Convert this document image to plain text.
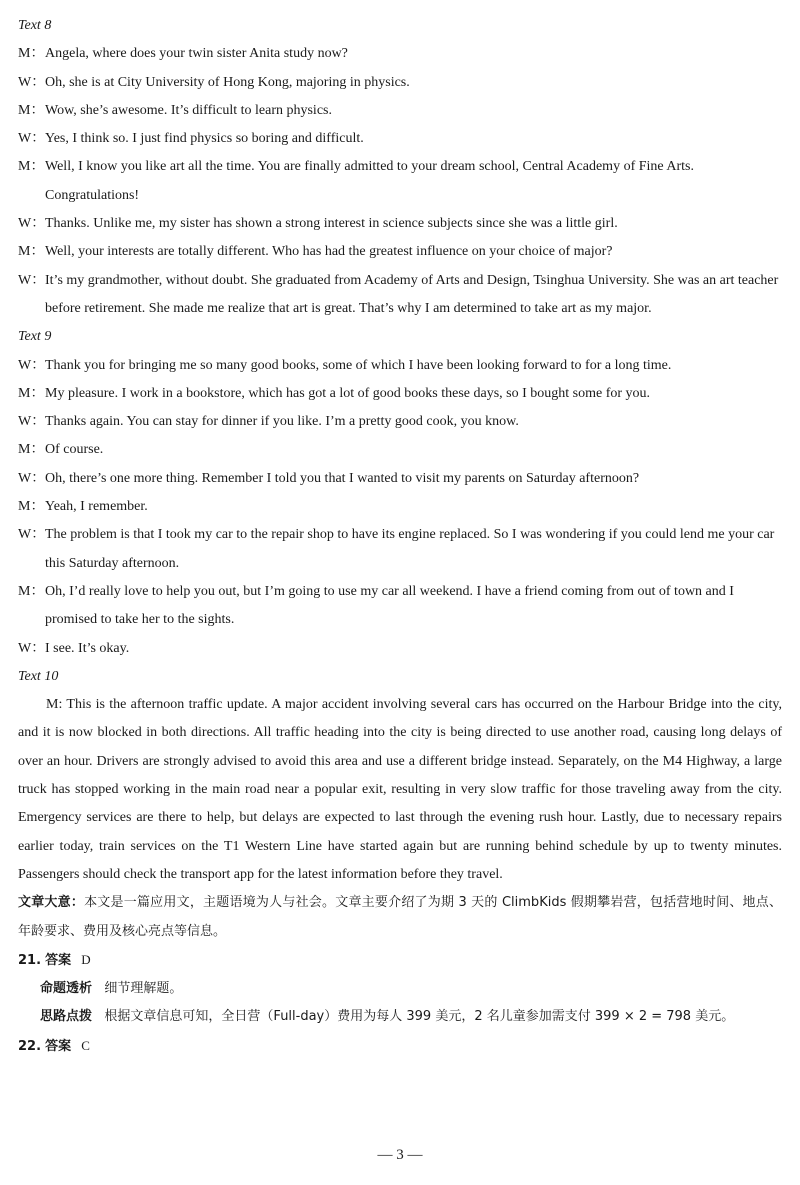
Text 8
M： Angela, where does your twin sister Anita study now?
W： Oh, she is at City University of Hong Kong, majoring in physics.
M： Wow, she’s awesome. It’s difficult to learn physics.
W： Yes, I think so. I just find physics so boring and difficult.
M： Well, I know you like art all the time. You are finally admitted to your dream school, Central Academy of Fine Arts. Congratulations!
W： Thanks. Unlike me, my sister has shown a strong interest in science subjects since she was a little girl.
M： Well, your interests are totally different. Who has had the greatest influence on your choice of major?
W： It’s my grandmother, without doubt. She graduated from Academy of Arts and Design, Tsinghua University. She was an art teacher before retirement. She made me realize that art is great. That’s why I am determined to take art as my major.
Text 9
W： Thank you for bringing me so many good books, some of which I have been looking forward to for a long time.
M： My pleasure. I work in a bookstore, which has got a lot of good books these days, so I bought some for you.
W： Thanks again. You can stay for dinner if you like. I’m a pretty good cook, you know.
M： Of course.
W： Oh, there’s one more thing. Remember I told you that I wanted to visit my parents on Saturday afternoon?
M： Yeah, I remember.
W： The problem is that I took my car to the repair shop to have its engine replaced. So I was wondering if you could lend me your car this Saturday afternoon.
M： Oh, I’d really love to help you out, but I’m going to use my car all weekend. I have a friend coming from out of town and I promised to take her to the sights.
W： I see. It’s okay.
Text 10
M: This is the afternoon traffic update. A major accident involving several cars has occurred on the Harbour Bridge into the city, and it is now blocked in both directions. All traffic heading into the city is being directed to use another road, causing long delays of over an hour. Drivers are strongly advised to avoid this area and use a different bridge instead. Separately, on the M4 Highway, a large truck has stopped working in the main road near a popular exit, resulting in very slow traffic for those traveling away from the city. Emergency services are there to help, but delays are expected to last through the evening rush hour. Lastly, due to necessary repairs earlier today, train services on the T1 Western Line have started again but are running behind schedule by up to twenty minutes. Passengers should check the transport app for the latest information before they travel.
文章大意：本文是一篇应用文，主题语境为人与社会。文章主要介绍了为期 3 天的 ClimbKids 假期攀岩营，包括营地时间、地点、年龄要求、费用及核心亮点等信息。
21. 答案 D
命题透析 细节理解题。
思路点拨 根据文章信息可知，全日营（Full-day）费用为每人 399 美元，2 名儿童参加需支付 399 × 2 = 798 美元。
22. 答案 C
— 3 —
